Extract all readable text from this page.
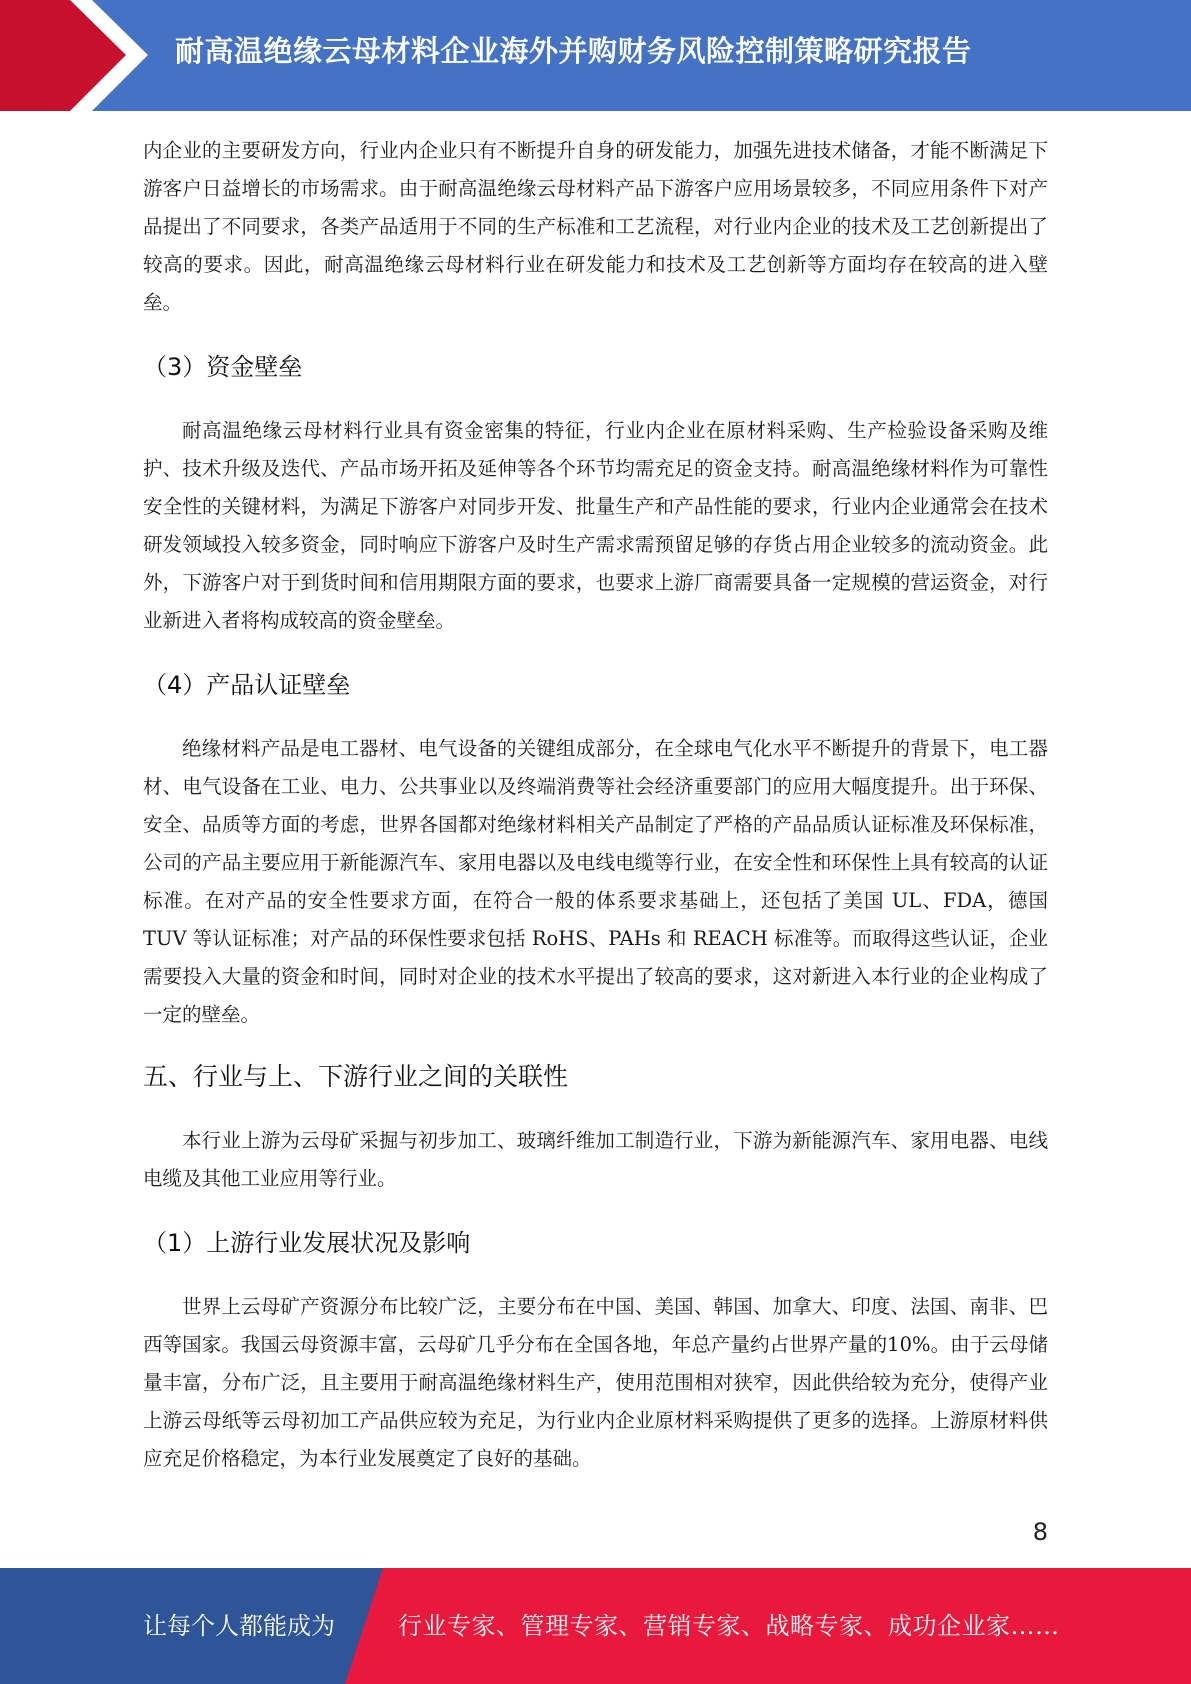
耐高温绝缘云母材料企业海外并购财务风险控制策略研究报告

内企业的主要研发方向，行业内企业只有不断提升自身的研发能力，加强先进技术储备，才能不断满足下游客户日益增长的市场需求。由于耐高温绝缘云母材料产品下游客户应用场景较多，不同应用条件下对产品提出了不同要求，各类产品适用于不同的生产标准和工艺流程，对行业内企业的技术及工艺创新提出了较高的要求。因此，耐高温绝缘云母材料行业在研发能力和技术及工艺创新等方面均存在较高的进入壁垒。

（3）资金壁垒

耐高温绝缘云母材料行业具有资金密集的特征，行业内企业在原材料采购、生产检验设备采购及维护、技术升级及迭代、产品市场开拓及延伸等各个环节均需充足的资金支持。耐高温绝缘材料作为可靠性安全性的关键材料，为满足下游客户对同步开发、批量生产和产品性能的要求，行业内企业通常会在技术研发领域投入较多资金，同时响应下游客户及时生产需求需预留足够的存货占用企业较多的流动资金。此外，下游客户对于到货时间和信用期限方面的要求，也要求上游厂商需要具备一定规模的营运资金，对行业新进入者将构成较高的资金壁垒。

（4）产品认证壁垒

绝缘材料产品是电工器材、电气设备的关键组成部分，在全球电气化水平不断提升的背景下，电工器材、电气设备在工业、电力、公共事业以及终端消费等社会经济重要部门的应用大幅度提升。出于环保、安全、品质等方面的考虑，世界各国都对绝缘材料相关产品制定了严格的产品品质认证标准及环保标准，公司的产品主要应用于新能源汽车、家用电器以及电线电缆等行业，在安全性和环保性上具有较高的认证标准。在对产品的安全性要求方面，在符合一般的体系要求基础上，还包括了美国 UL、FDA，德国 TUV 等认证标准；对产品的环保性要求包括 RoHS、PAHs 和 REACH 标准等。而取得这些认证，企业需要投入大量的资金和时间，同时对企业的技术水平提出了较高的要求，这对新进入本行业的企业构成了一定的壁垒。

五、行业与上、下游行业之间的关联性

本行业上游为云母矿采掘与初步加工、玻璃纤维加工制造行业，下游为新能源汽车、家用电器、电线电缆及其他工业应用等行业。

（1）上游行业发展状况及影响

世界上云母矿产资源分布比较广泛，主要分布在中国、美国、韩国、加拿大、印度、法国、南非、巴西等国家。我国云母资源丰富，云母矿几乎分布在全国各地，年总产量约占世界产量的10%。由于云母储量丰富，分布广泛，且主要用于耐高温绝缘材料生产，使用范围相对狭窄，因此供给较为充分，使得产业上游云母纸等云母初加工产品供应较为充足，为行业内企业原材料采购提供了更多的选择。上游原材料供应充足价格稳定，为本行业发展奠定了良好的基础。

8
让每个人都能成为	行业专家、管理专家、营销专家、战略专家、成功企业家……
